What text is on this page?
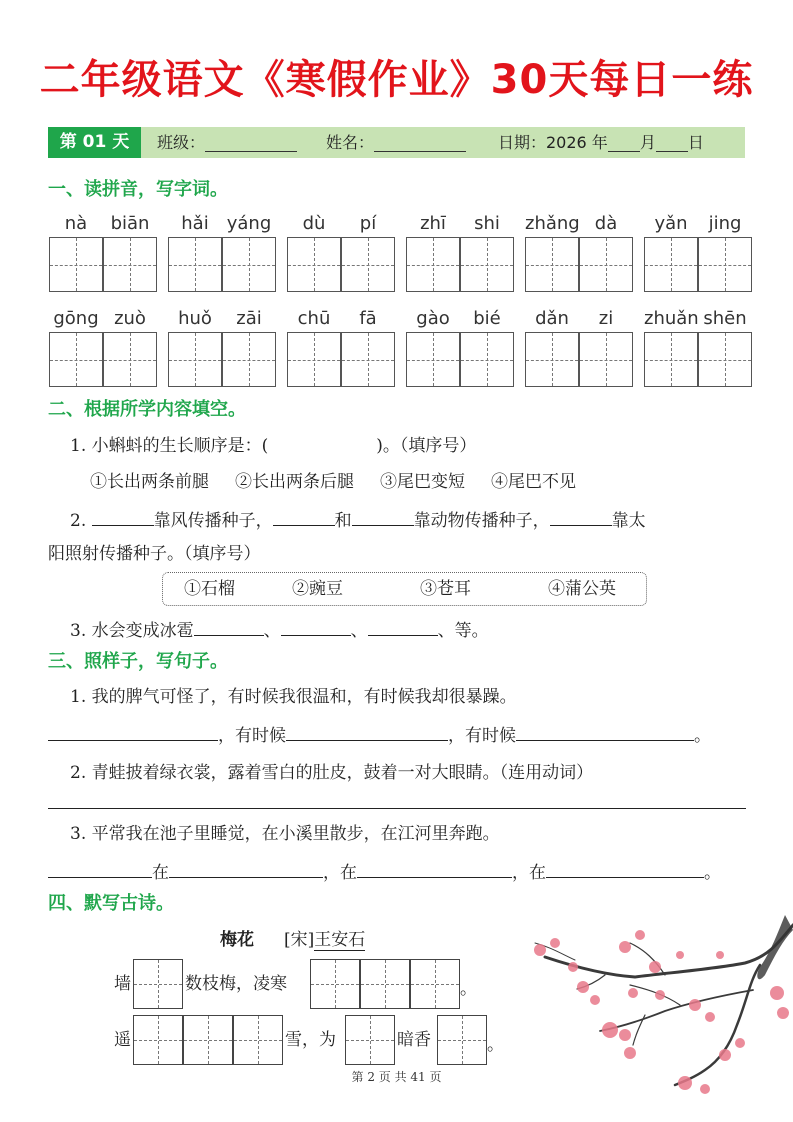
二年级语文《寒假作业》30天每日一练
第 01 天	班级：	姓名：	日期：2026 年 月 日
一、读拼音，写字词。
nà	biān	hǎi	yáng	dù	pí	zhī	shi	zhǎng dà	yǎn	jing
gōng zuò	huǒ	zāi	chū	fā	gào	bié	dǎn	zi	zhuǎn shēn
二、根据所学内容填空。
1. 小蝌蚪的生长顺序是：(	)。（填序号）
①长出两条前腿 ②长出两条后腿 ③尾巴变短 ④尾巴不见
2.	靠风传播种子，	和	靠动物传播种子，	靠太
阳照射传播种子。（填序号）
①石榴	②豌豆	③苍耳	④蒲公英
3. 水会变成冰雹	、	、	、等。
三、照样子，写句子。
1. 我的脾气可怪了，有时候我很温和，有时候我却很暴躁。
，有时候	，有时候	。
2. 青蛙披着绿衣裳，露着雪白的肚皮，鼓着一对大眼睛。（连用动词）
3. 平常我在池子里睡觉，在小溪里散步，在江河里奔跑。
在	，在	，在	。
四、默写古诗。
梅花 [宋]王安石
墙	数枝梅，凌寒	。
遥	雪，为	暗香	。
第 2 页 共 41 页
